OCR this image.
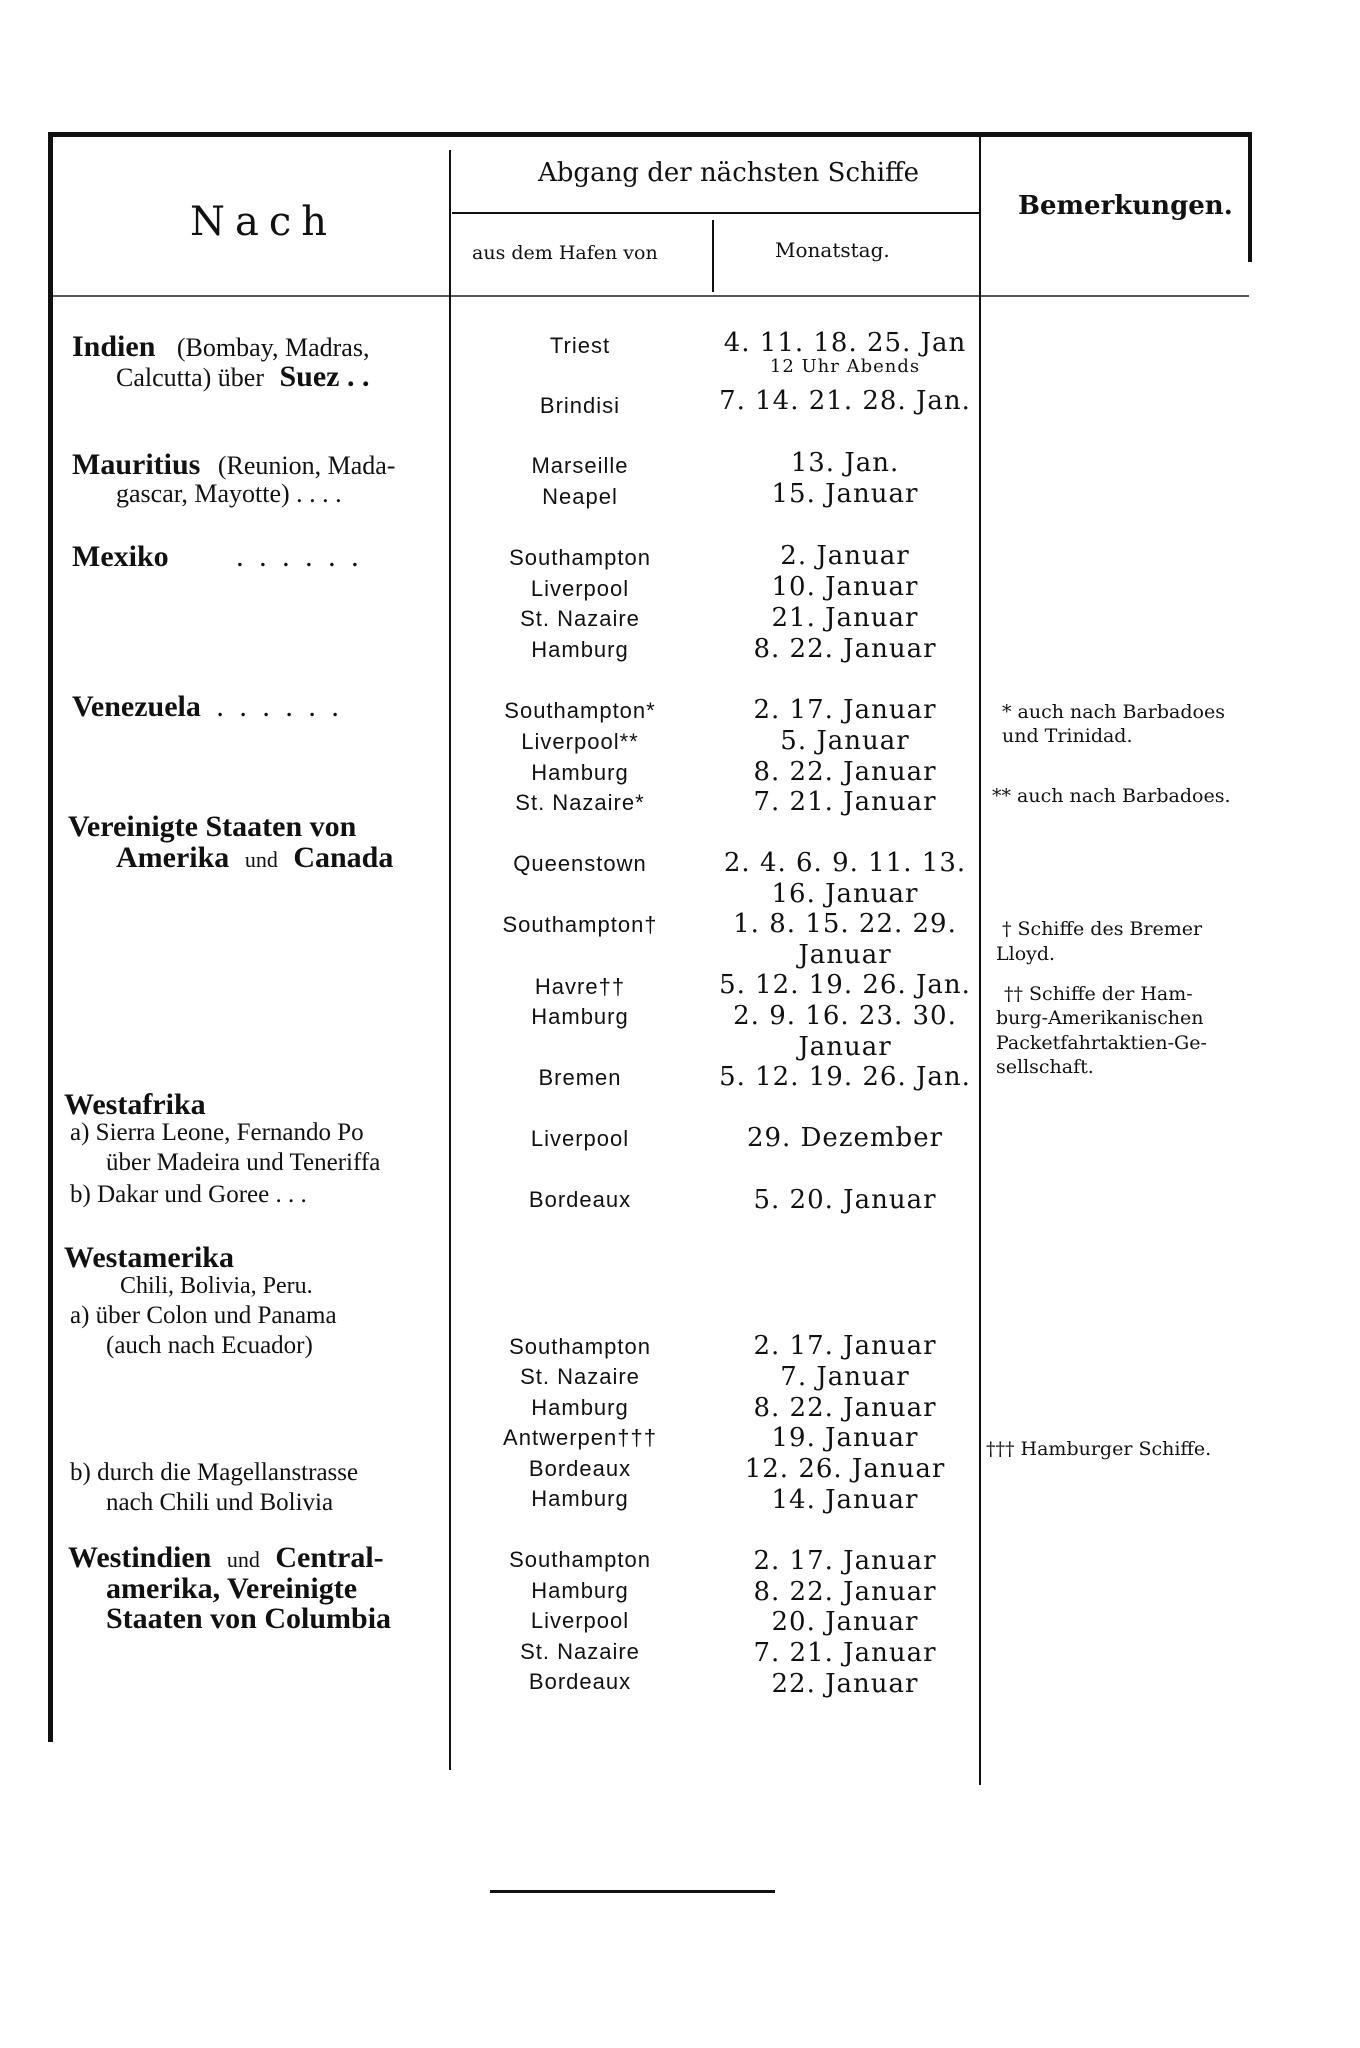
Nach
Abgang der nächsten Schiffe
aus dem Hafen von	Monatstag.
Bemerkungen.
Indien (Bombay, Madras,
Calcutta) über Suez . .
Mauritius (Reunion, Mada-
gascar, Mayotte) . . . .
Mexiko . . . . . .
Venezuela . . . . . .
Vereinigte Staaten von
Amerika und Canada
Westafrika
a) Sierra Leone, Fernando Po
über Madeira und Teneriffa
b) Dakar und Goree . . .
Westamerika
Chili, Bolivia, Peru.
a) über Colon und Panama
(auch nach Ecuador)
b) durch die Magellanstrasse
nach Chili und Bolivia
Westindien und Central-
amerika, Vereinigte
Staaten von Columbia
Triest
Brindisi
Marseille
Neapel
Southampton
Liverpool
St. Nazaire
Hamburg
Southampton*
Liverpool**
Hamburg
St. Nazaire*
Queenstown
Southampton†
Havre††
Hamburg
Bremen
Liverpool
Bordeaux
Southampton
St. Nazaire
Hamburg
Antwerpen†††
Bordeaux
Hamburg
Southampton
Hamburg
Liverpool
St. Nazaire
Bordeaux
4. 11. 18. 25. Jan
12 Uhr Abends
7. 14. 21. 28. Jan.
13. Jan.
15. Januar
2. Januar
10. Januar
21. Januar
8. 22. Januar
2. 17. Januar
5. Januar
8. 22. Januar
7. 21. Januar
2. 4. 6. 9. 11. 13.
16. Januar
1. 8. 15. 22. 29.
Januar
5. 12. 19. 26. Jan.
2. 9. 16. 23. 30.
Januar
5. 12. 19. 26. Jan.
29. Dezember
5. 20. Januar
2. 17. Januar
7. Januar
8. 22. Januar
19. Januar
12. 26. Januar
14. Januar
2. 17. Januar
8. 22. Januar
20. Januar
7. 21. Januar
22. Januar
* auch nach Barbadoes
und Trinidad.
** auch nach Barbadoes.
† Schiffe des Bremer
Lloyd.
†† Schiffe der Ham-
burg-Amerikanischen
Packetfahrtaktien-Ge-
sellschaft.
††† Hamburger Schiffe.
